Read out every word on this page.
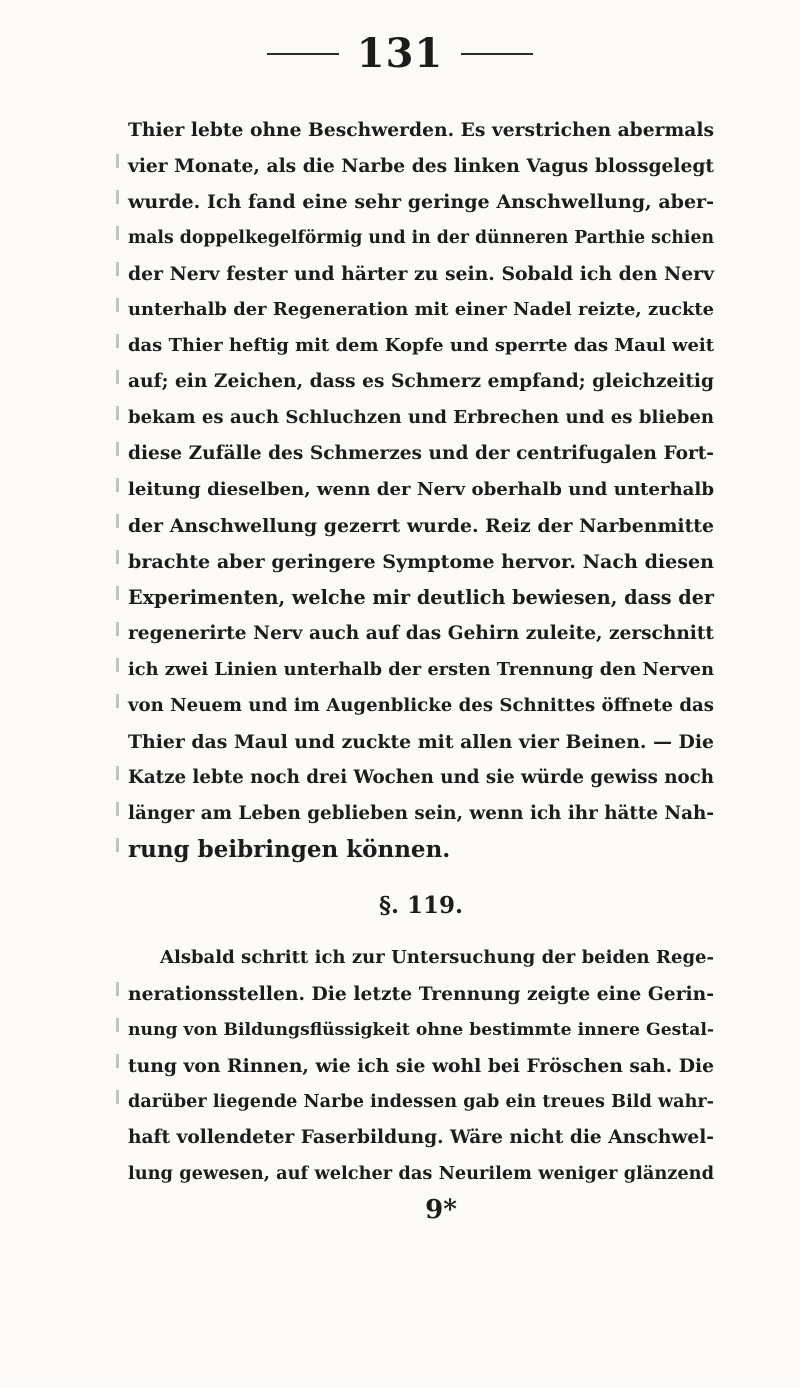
131
Thier lebte ohne Beschwerden. Es verstrichen abermals
vier Monate, als die Narbe des linken Vagus blossgelegt
wurde. Ich fand eine sehr geringe Anschwellung, aber-
mals doppelkegelförmig und in der dünneren Parthie schien
der Nerv fester und härter zu sein. Sobald ich den Nerv
unterhalb der Regeneration mit einer Nadel reizte, zuckte
das Thier heftig mit dem Kopfe und sperrte das Maul weit
auf; ein Zeichen, dass es Schmerz empfand; gleichzeitig
bekam es auch Schluchzen und Erbrechen und es blieben
diese Zufälle des Schmerzes und der centrifugalen Fort-
leitung dieselben, wenn der Nerv oberhalb und unterhalb
der Anschwellung gezerrt wurde. Reiz der Narbenmitte
brachte aber geringere Symptome hervor. Nach diesen
Experimenten, welche mir deutlich bewiesen, dass der
regenerirte Nerv auch auf das Gehirn zuleite, zerschnitt
ich zwei Linien unterhalb der ersten Trennung den Nerven
von Neuem und im Augenblicke des Schnittes öffnete das
Thier das Maul und zuckte mit allen vier Beinen. — Die
Katze lebte noch drei Wochen und sie würde gewiss noch
länger am Leben geblieben sein, wenn ich ihr hätte Nah-
rung beibringen können.
§. 119.
Alsbald schritt ich zur Untersuchung der beiden Rege-
nerationsstellen. Die letzte Trennung zeigte eine Gerin-
nung von Bildungsflüssigkeit ohne bestimmte innere Gestal-
tung von Rinnen, wie ich sie wohl bei Fröschen sah. Die
darüber liegende Narbe indessen gab ein treues Bild wahr-
haft vollendeter Faserbildung. Wäre nicht die Anschwel-
lung gewesen, auf welcher das Neurilem weniger glänzend
9*
